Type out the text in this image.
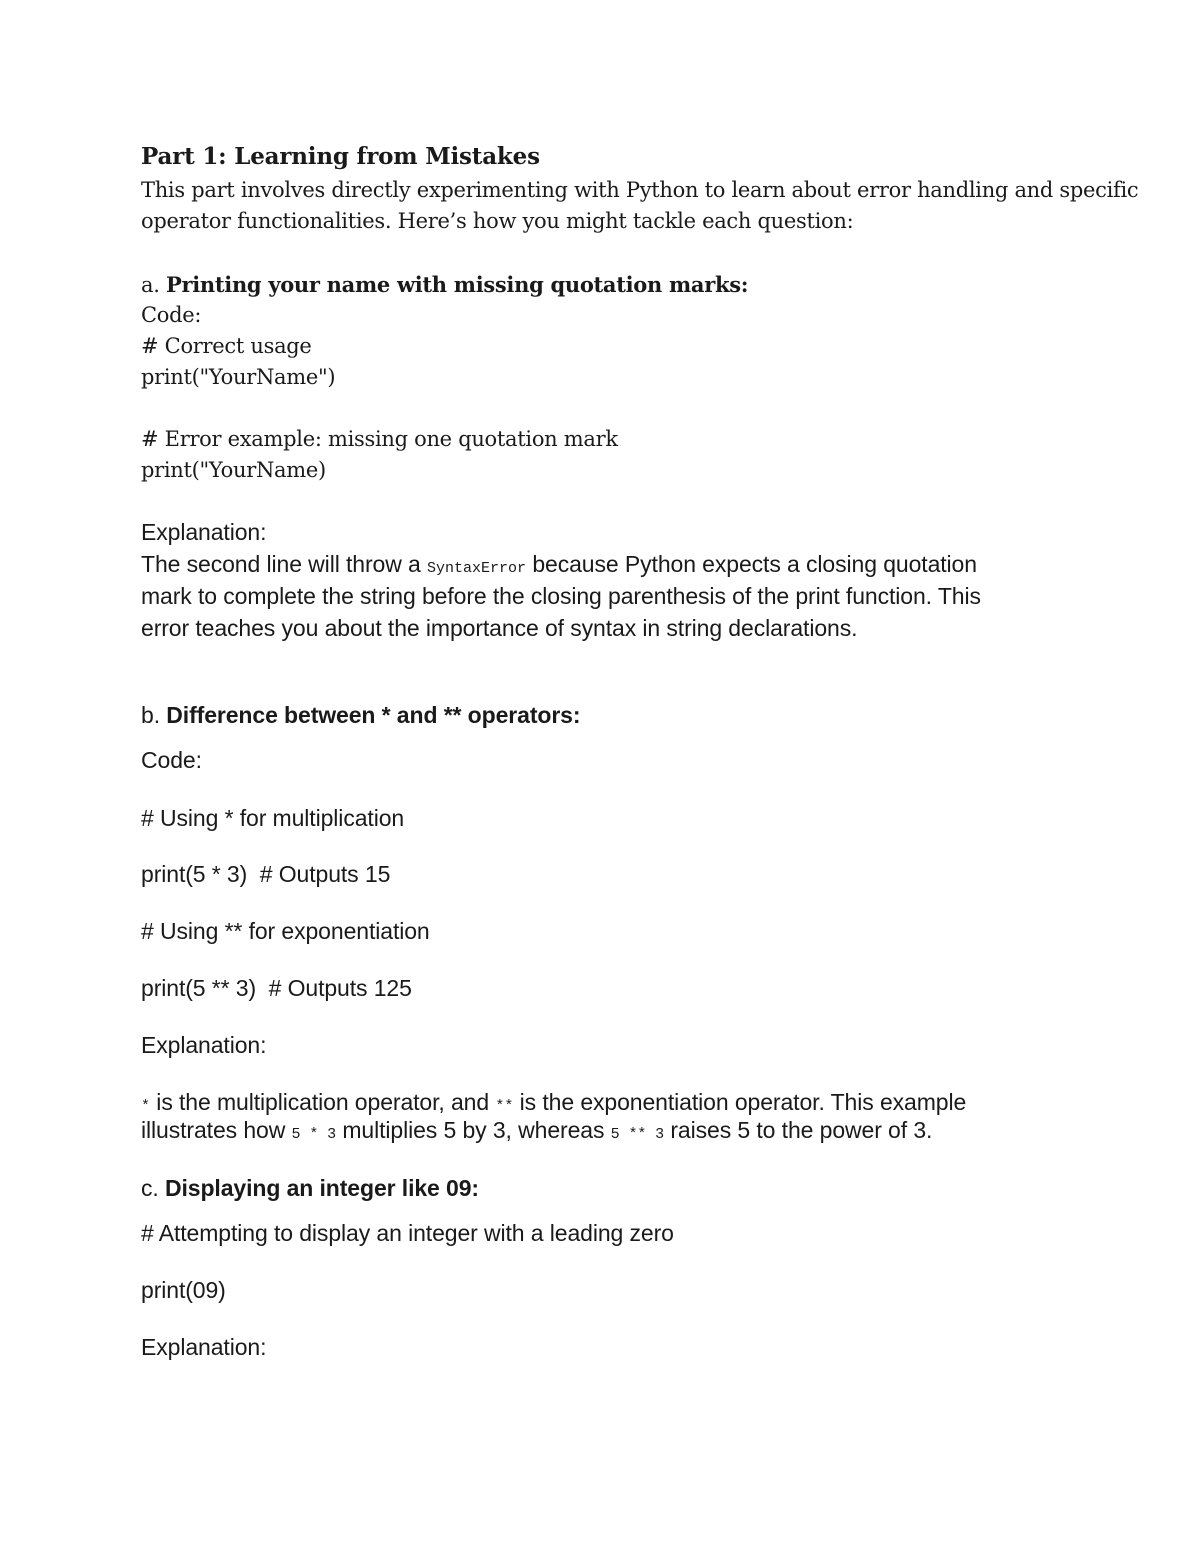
Part 1: Learning from Mistakes

This part involves directly experimenting with Python to learn about error handling and specific

operator functionalities. Here’s how you might tackle each question:

a. Printing your name with missing quotation marks:

Code:

# Correct usage

print("YourName")

# Error example: missing one quotation mark

print("YourName)

Explanation:

The second line will throw a SyntaxError because Python expects a closing quotation

mark to complete the string before the closing parenthesis of the print function. This

error teaches you about the importance of syntax in string declarations.

b. Difference between * and ** operators:

Code:

# Using * for multiplication

print(5 * 3)  # Outputs 15

# Using ** for exponentiation

print(5 ** 3)  # Outputs 125

Explanation:

* is the multiplication operator, and ** is the exponentiation operator. This example

illustrates how 5 * 3 multiplies 5 by 3, whereas 5 ** 3 raises 5 to the power of 3.

c. Displaying an integer like 09:

# Attempting to display an integer with a leading zero

print(09)

Explanation:
